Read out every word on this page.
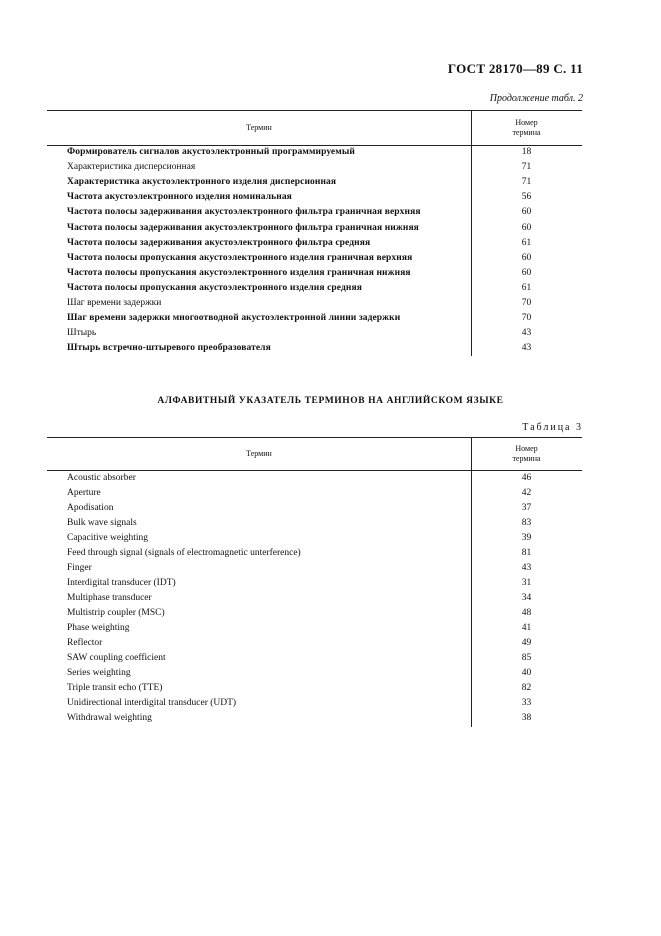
ГОСТ 28170—89 С. 11
Продолжение табл. 2
Термин
Номер
термина
Формирователь сигналов акустоэлектронный программируемый	18
Характеристика дисперсионная	71
Характеристика акустоэлектронного изделия дисперсионная	71
Частота акустоэлектронного изделия номинальная	56
Частота полосы задерживания акустоэлектронного фильтра граничная верхняя	60
Частота полосы задерживания акустоэлектронного фильтра граничная нижняя	60
Частота полосы задерживания акустоэлектронного фильтра средняя	61
Частота полосы пропускания акустоэлектронного изделия граничная верхняя	60
Частота полосы пропускания акустоэлектронного изделия граничная нижняя	60
Частота полосы пропускания акустоэлектронного изделия средняя	61
Шаг времени задержки	70
Шаг времени задержки многоотводной акустоэлектронной линии задержки	70
Штырь	43
Штырь встречно-штыревого преобразователя	43
АЛФАВИТНЫЙ УКАЗАТЕЛЬ ТЕРМИНОВ НА АНГЛИЙСКОМ ЯЗЫКЕ
Таблица 3
Термин
Номер
термина
Acoustic absorber	46
Aperture	42
Apodisation	37
Bulk wave signals	83
Capacitive weighting	39
Feed through signal (signals of electromagnetic unterference)	81
Finger	43
Interdigital transducer (IDT)	31
Multiphase transducer	34
Multistrip coupler (MSC)	48
Phase weighting	41
Reflector	49
SAW coupling coefficient	85
Series weighting	40
Triple transit echo (TTE)	82
Unidirectional interdigital transducer (UDT)	33
Withdrawal weighting	38
